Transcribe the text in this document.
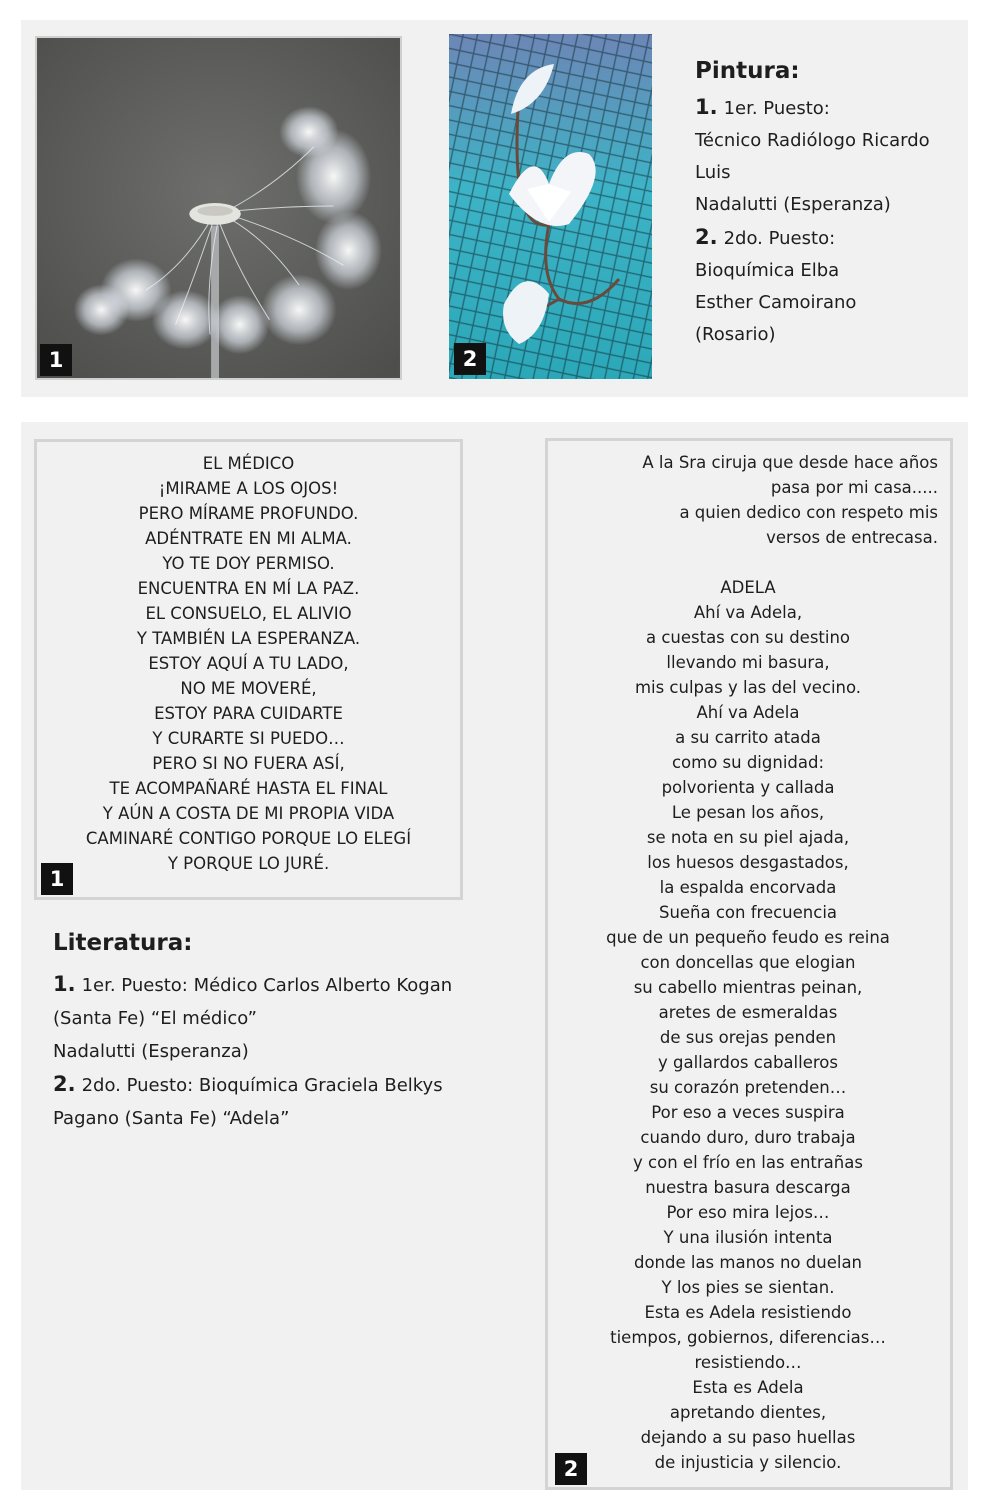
1	2
Pintura:
1. 1er. Puesto:
Técnico Radiólogo Ricardo
Luis
Nadalutti (Esperanza)
2. 2do. Puesto:
Bioquímica Elba
Esther Camoirano
(Rosario)
EL MÉDICO
¡MIRAME A LOS OJOS!
PERO MÍRAME PROFUNDO.
ADÉNTRATE EN MI ALMA.
YO TE DOY PERMISO.
ENCUENTRA EN MÍ LA PAZ.
EL CONSUELO, EL ALIVIO
Y TAMBIÉN LA ESPERANZA.
ESTOY AQUÍ A TU LADO,
NO ME MOVERÉ,
ESTOY PARA CUIDARTE
Y CURARTE SI PUEDO…
PERO SI NO FUERA ASÍ,
TE ACOMPAÑARÉ HASTA EL FINAL
Y AÚN A COSTA DE MI PROPIA VIDA
CAMINARÉ CONTIGO PORQUE LO ELEGÍ
Y PORQUE LO JURÉ.
1
Literatura:
1. 1er. Puesto: Médico Carlos Alberto Kogan
(Santa Fe) “El médico”
Nadalutti (Esperanza)
2. 2do. Puesto: Bioquímica Graciela Belkys
Pagano (Santa Fe) “Adela”
A la Sra ciruja que desde hace años
pasa por mi casa.....
a quien dedico con respeto mis
versos de entrecasa.
ADELA
Ahí va Adela,
a cuestas con su destino
llevando mi basura,
mis culpas y las del vecino.
Ahí va Adela
a su carrito atada
como su dignidad:
polvorienta y callada
Le pesan los años,
se nota en su piel ajada,
los huesos desgastados,
la espalda encorvada
Sueña con frecuencia
que de un pequeño feudo es reina
con doncellas que elogian
su cabello mientras peinan,
aretes de esmeraldas
de sus orejas penden
y gallardos caballeros
su corazón pretenden…
Por eso a veces suspira
cuando duro, duro trabaja
y con el frío en las entrañas
nuestra basura descarga
Por eso mira lejos…
Y una ilusión intenta
donde las manos no duelan
Y los pies se sientan.
Esta es Adela resistiendo
tiempos, gobiernos, diferencias…
resistiendo…
Esta es Adela
apretando dientes,
dejando a su paso huellas
de injusticia y silencio.
2
